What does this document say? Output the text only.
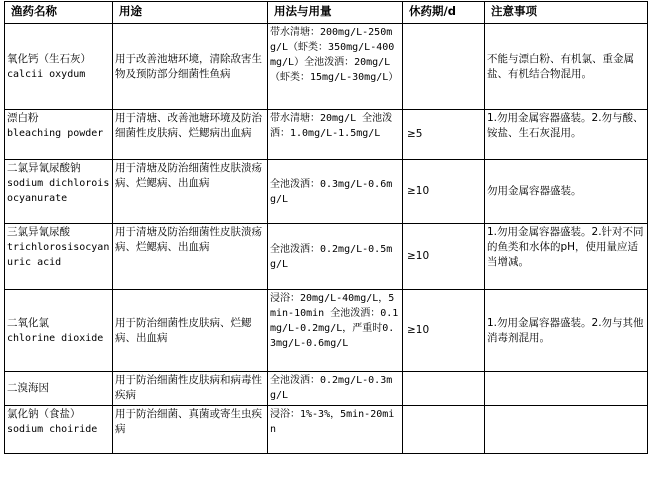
渔药名称	用途	用法与用量	休药期/d	注意事项

氧化钙（生石灰）
calcii oxydum	用于改善池塘环境，清除敌害生物及预防部分细菌性鱼病	带水清塘：200mg/L-250mg/L（虾类：350mg/L-400mg/L）全池泼洒：20mg/L（虾类：15mg/L-30mg/L）		不能与漂白粉、有机氯、重金属盐、有机结合物混用。

漂白粉
bleaching powder	用于清塘、改善池塘环境及防治细菌性皮肤病、烂鳃病出血病	带水清塘：20mg/L 全池泼洒：1.0mg/L-1.5mg/L	≥5	1.勿用金属容器盛装。2.勿与酸、铵盐、生石灰混用。

二氯异氰尿酸钠
sodium dichloroisocyanurate	用于清塘及防治细菌性皮肤溃疡病、烂鳃病、出血病	全池泼洒：0.3mg/L-0.6mg/L	≥10	勿用金属容器盛装。

三氯异氰尿酸
trichlorosisocyanuric acid	用于清塘及防治细菌性皮肤溃疡病、烂鳃病、出血病	全池泼洒：0.2mg/L-0.5mg/L	≥10	1.勿用金属容器盛装。2.针对不同的鱼类和水体的pH，使用量应适当增减。

二氧化氯
chlorine dioxide	用于防治细菌性皮肤病、烂鳃病、出血病	浸浴：20mg/L-40mg/L，5min-10min 全池泼洒：0.1mg/L-0.2mg/L，严重时0.3mg/L-0.6mg/L	≥10	1.勿用金属容器盛装。2.勿与其他消毒剂混用。

二溴海因	用于防治细菌性皮肤病和病毒性疾病	全池泼洒：0.2mg/L-0.3mg/L		

氯化钠（食盐）
sodium choiride	用于防治细菌、真菌或寄生虫疾病	浸浴：1%-3%，5min-20min		
